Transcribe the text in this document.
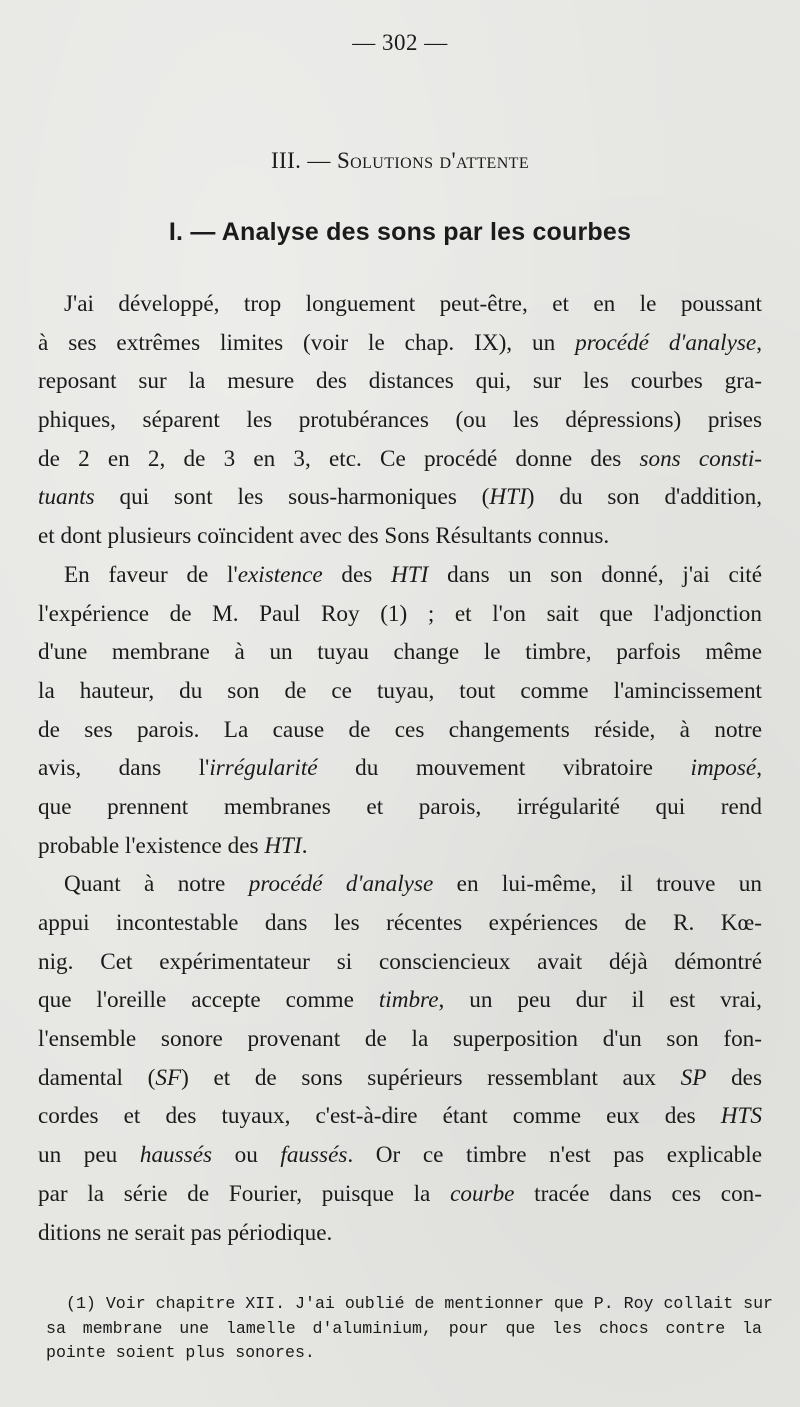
— 302 —
III. — Solutions d'attente
I. — Analyse des sons par les courbes
J'ai développé, trop longuement peut-être, et en le poussant
à ses extrêmes limites (voir le chap. IX), un procédé d'analyse,
reposant sur la mesure des distances qui, sur les courbes gra-
phiques, séparent les protubérances (ou les dépressions) prises
de 2 en 2, de 3 en 3, etc. Ce procédé donne des sons consti-
tuants qui sont les sous-harmoniques (HTI) du son d'addition,
et dont plusieurs coïncident avec des Sons Résultants connus.
En faveur de l'existence des HTI dans un son donné, j'ai cité
l'expérience de M. Paul Roy (1) ; et l'on sait que l'adjonction
d'une membrane à un tuyau change le timbre, parfois même
la hauteur, du son de ce tuyau, tout comme l'amincissement
de ses parois. La cause de ces changements réside, à notre
avis, dans l'irrégularité du mouvement vibratoire imposé,
que prennent membranes et parois, irrégularité qui rend
probable l'existence des HTI.
Quant à notre procédé d'analyse en lui-même, il trouve un
appui incontestable dans les récentes expériences de R. Kœ-
nig. Cet expérimentateur si consciencieux avait déjà démontré
que l'oreille accepte comme timbre, un peu dur il est vrai,
l'ensemble sonore provenant de la superposition d'un son fon-
damental (SF) et de sons supérieurs ressemblant aux SP des
cordes et des tuyaux, c'est-à-dire étant comme eux des HTS
un peu haussés ou faussés. Or ce timbre n'est pas explicable
par la série de Fourier, puisque la courbe tracée dans ces con-
ditions ne serait pas périodique.
(1) Voir chapitre XII. J'ai oublié de mentionner que P. Roy collait sur
sa membrane une lamelle d'aluminium, pour que les chocs contre la
pointe soient plus sonores.
